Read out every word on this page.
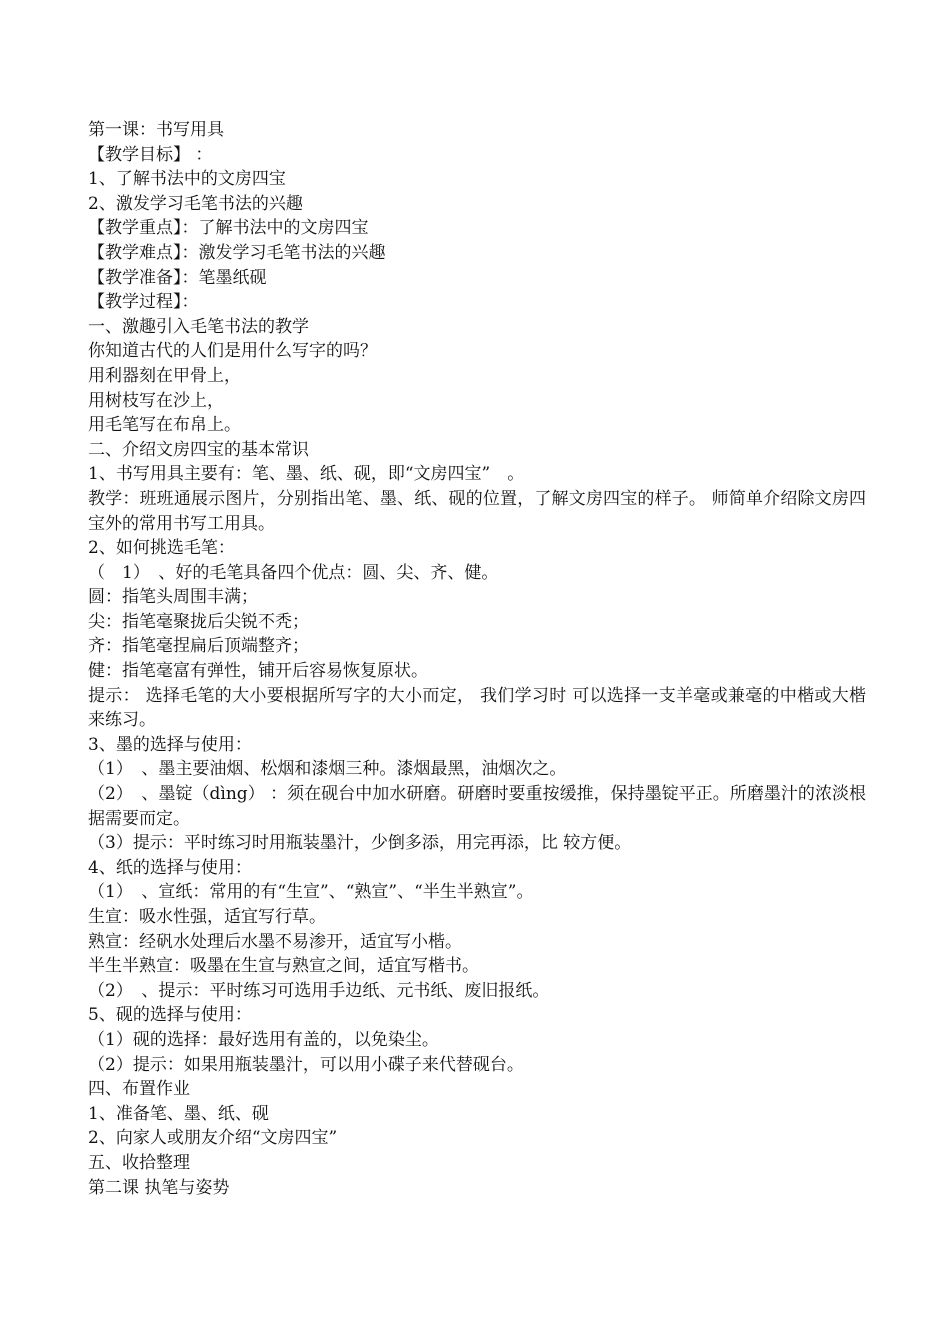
第一课：书写用具

【教学目标】 ：

1、了解书法中的文房四宝

2、激发学习毛笔书法的兴趣

【教学重点】：了解书法中的文房四宝

【教学难点】：激发学习毛笔书法的兴趣

【教学准备】：笔墨纸砚

【教学过程】：

一、激趣引入毛笔书法的教学

你知道古代的人们是用什么写字的吗？

用利器刻在甲骨上，

用树枝写在沙上，

用毛笔写在布帛上。

二、介绍文房四宝的基本常识

1、书写用具主要有：笔、墨、纸、砚，即“文房四宝”　。

教学：班班通展示图片，分别指出笔、墨、纸、砚的位置，了解文房四宝的样子。 师简单介绍除文房四宝外的常用书写工用具。

2、如何挑选毛笔：

（　1）　、好的毛笔具备四个优点：圆、尖、齐、健。

圆：指笔头周围丰满；

尖：指笔毫聚拢后尖锐不秃；

齐：指笔毫捏扁后顶端整齐；

健：指笔毫富有弹性，铺开后容易恢复原状。

提示： 选择毛笔的大小要根据所写字的大小而定， 我们学习时 可以选择一支羊毫或兼毫的中楷或大楷来练习。

3、墨的选择与使用：

（1）　、墨主要油烟、松烟和漆烟三种。漆烟最黑，油烟次之。

（2）　、墨锭（dìng） ：须在砚台中加水研磨。研磨时要重按缓推，保持墨锭平正。所磨墨汁的浓淡根据需要而定。

（3）提示：平时练习时用瓶装墨汁，少倒多添，用完再添，比 较方便。

4、纸的选择与使用：

（1）　、宣纸：常用的有“生宣”、“熟宣”、“半生半熟宣”。

生宣：吸水性强，适宜写行草。

熟宣：经矾水处理后水墨不易渗开，适宜写小楷。

半生半熟宣：吸墨在生宣与熟宣之间，适宜写楷书。

（2）　、提示：平时练习可选用手边纸、元书纸、废旧报纸。

5、砚的选择与使用：

（1）砚的选择：最好选用有盖的，以免染尘。

（2）提示：如果用瓶装墨汁，可以用小碟子来代替砚台。

四、布置作业

1、准备笔、墨、纸、砚

2、向家人或朋友介绍“文房四宝”

五、收拾整理

第二课 执笔与姿势
